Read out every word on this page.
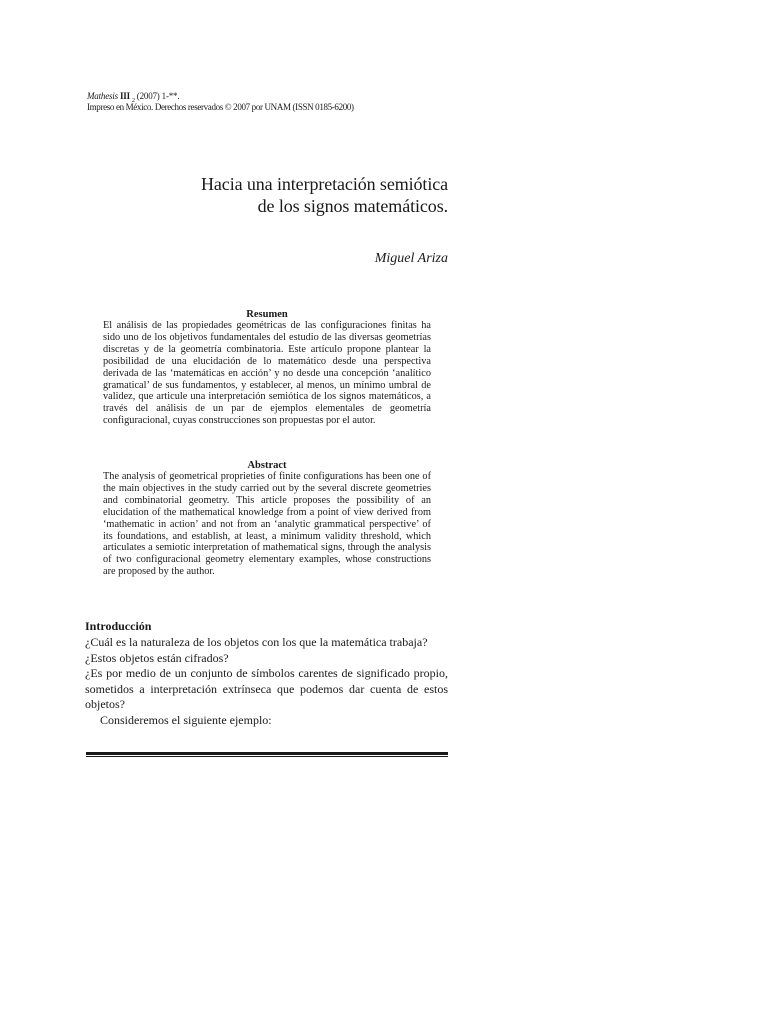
Mathesis III $_2$ (2007) 1-**.
Impreso en México. Derechos reservados © 2007 por UNAM (ISSN 0185-6200)
Hacia una interpretación semiótica
de los signos matemáticos.
Miguel Ariza
Resumen

El análisis de las propiedades geométricas de las configuraciones finitas ha sido uno de los objetivos fundamentales del estudio de las diversas geometrías discretas y de la geometría combinatoria. Este artículo propone plantear la posibilidad de una elucidación de lo matemático desde una perspectiva derivada de las ‘matemáticas en acción’ y no desde una concepción ‘analítico gramatical’ de sus fundamentos, y establecer, al menos, un mínimo umbral de validez, que articule una interpretación semiótica de los signos matemáticos, a través del análisis de un par de ejemplos elementales de geometría configuracional, cuyas construcciones son propuestas por el autor.

Abstract

The analysis of geometrical proprieties of finite configurations has been one of the main objectives in the study carried out by the several discrete geometries and combinatorial geometry. This article proposes the possibility of an elucidation of the mathematical knowledge from a point of view derived from ‘mathematic in action’ and not from an ‘analytic grammatical perspective’ of its foundations, and establish, at least, a minimum validity threshold, which articulates a semiotic interpretation of mathematical signs, through the analysis of two configuracional geometry elementary examples, whose constructions are proposed by the author.

Introducción

¿Cuál es la naturaleza de los objetos con los que la matemática trabaja?

¿Estos objetos están cifrados?

¿Es por medio de un conjunto de símbolos carentes de significado propio, sometidos a interpretación extrínseca que podemos dar cuenta de estos objetos?

Consideremos el siguiente ejemplo:
